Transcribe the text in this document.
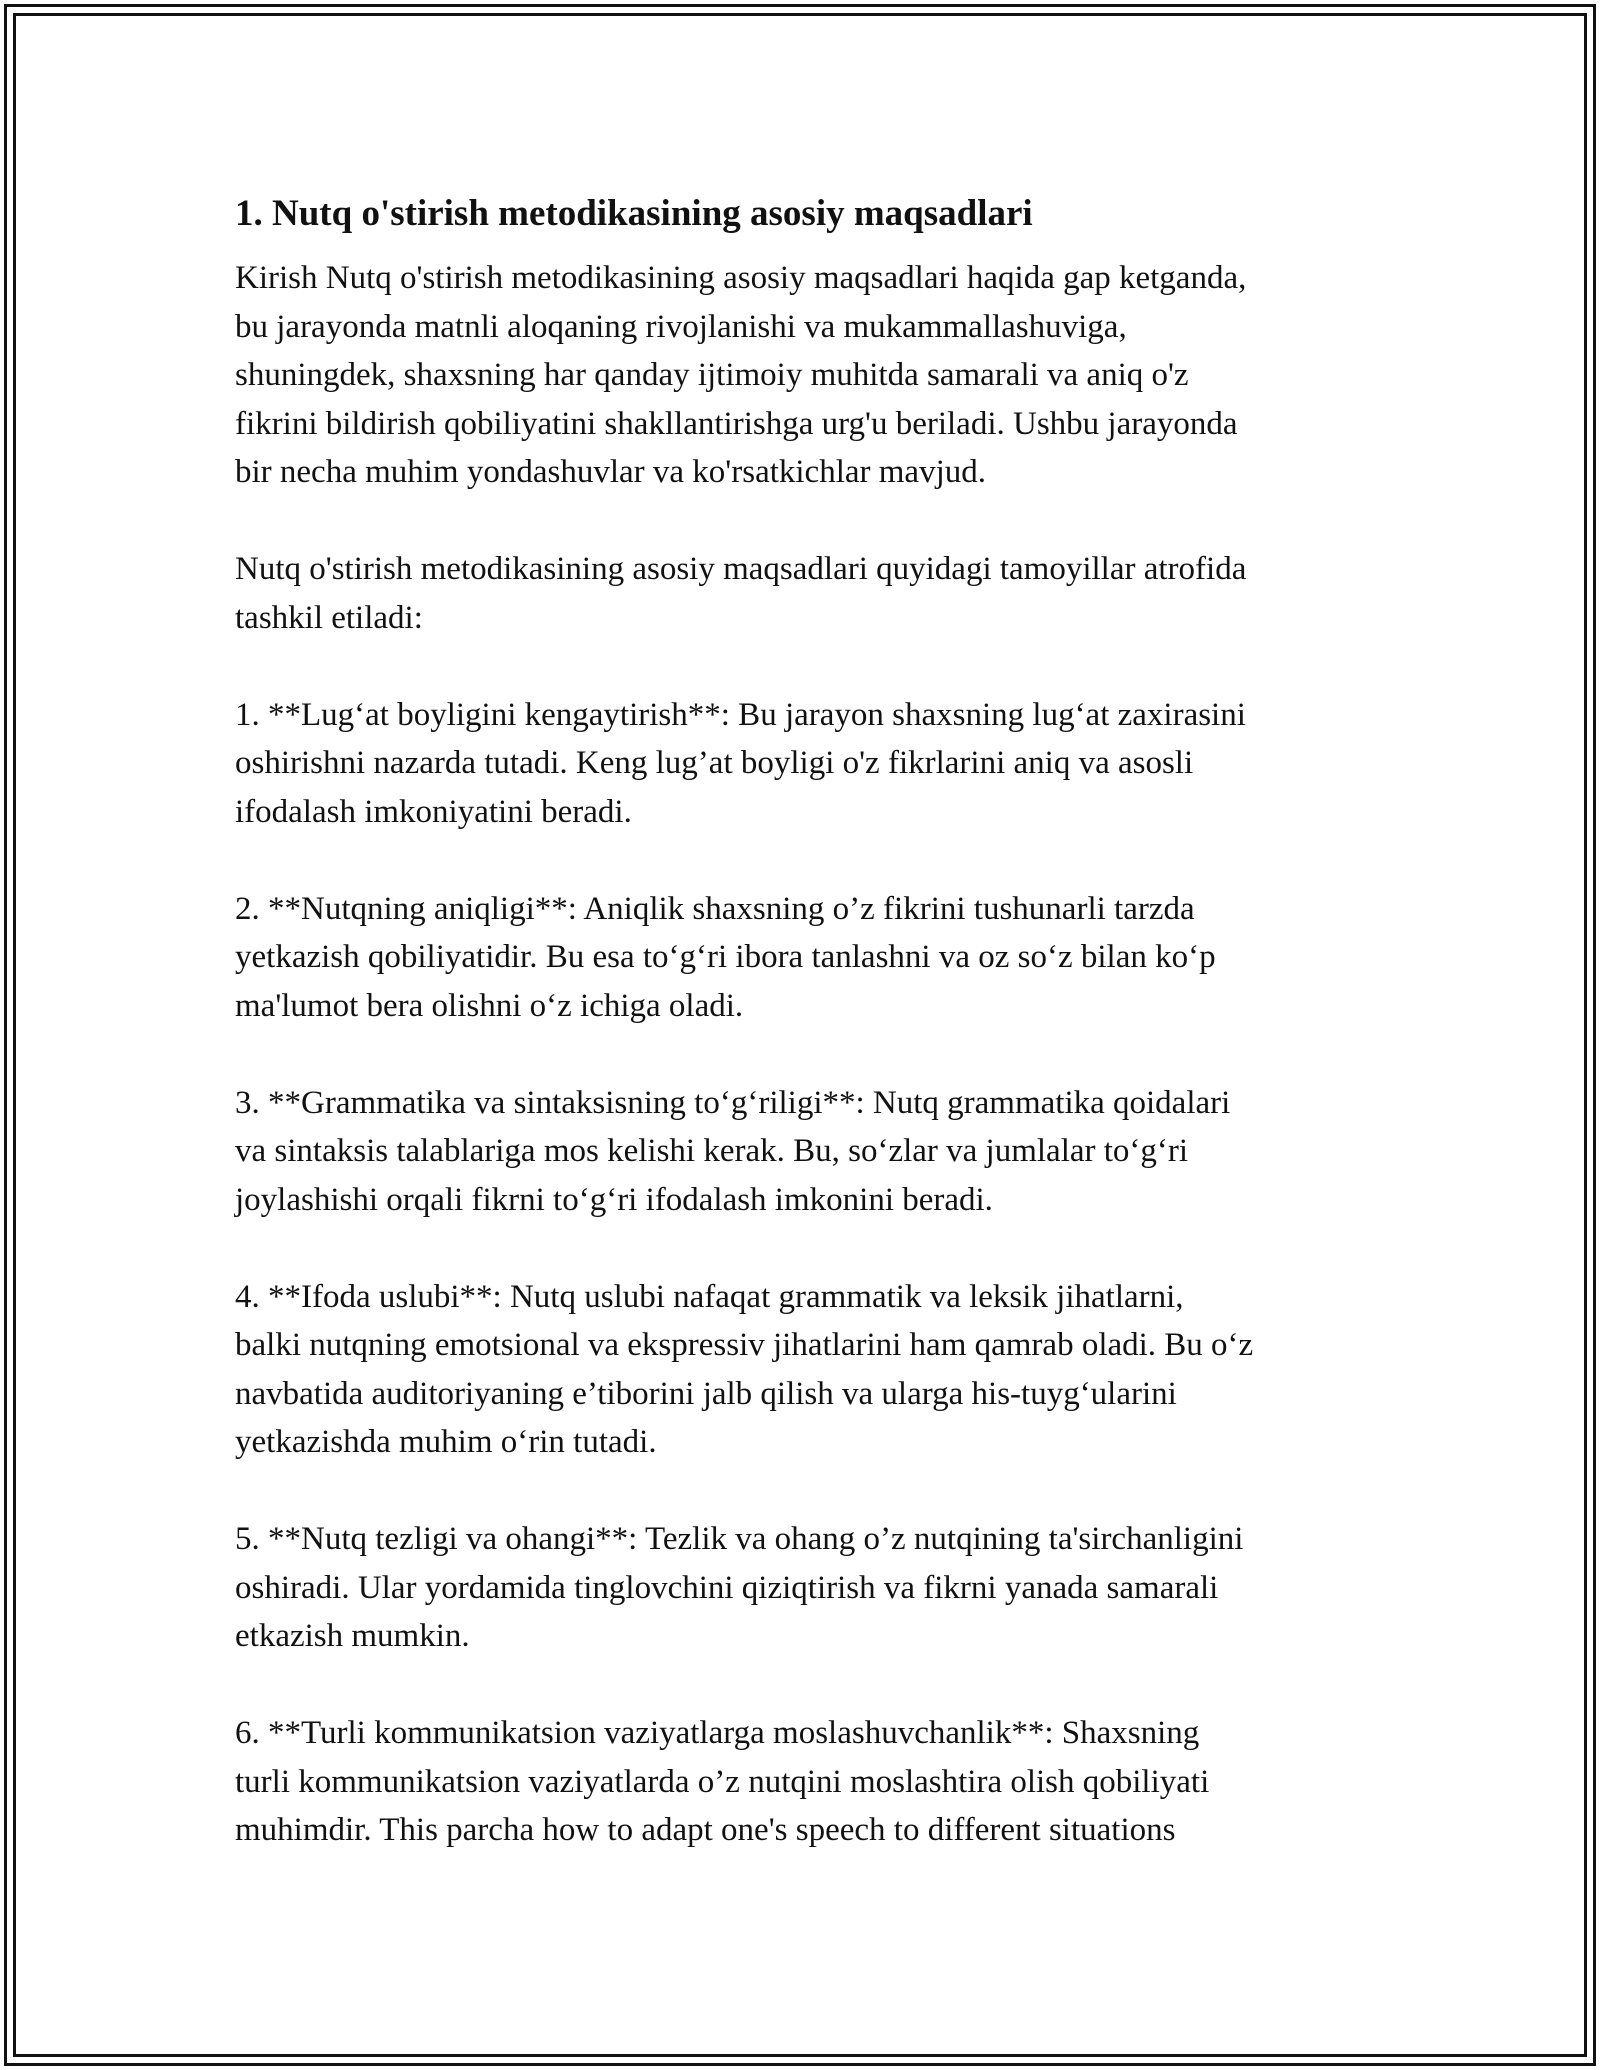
1. Nutq o'stirish metodikasining asosiy maqsadlari

Kirish Nutq o'stirish metodikasining asosiy maqsadlari haqida gap ketganda,
bu jarayonda matnli aloqaning rivojlanishi va mukammallashuviga,
shuningdek, shaxsning har qanday ijtimoiy muhitda samarali va aniq o'z
fikrini bildirish qobiliyatini shakllantirishga urg'u beriladi. Ushbu jarayonda
bir necha muhim yondashuvlar va ko'rsatkichlar mavjud.

Nutq o'stirish metodikasining asosiy maqsadlari quyidagi tamoyillar atrofida
tashkil etiladi:

1. **Lug‘at boyligini kengaytirish**: Bu jarayon shaxsning lug‘at zaxirasini
oshirishni nazarda tutadi. Keng lug’at boyligi o'z fikrlarini aniq va asosli
ifodalash imkoniyatini beradi.

2. **Nutqning aniqligi**: Aniqlik shaxsning o’z fikrini tushunarli tarzda
yetkazish qobiliyatidir. Bu esa to‘g‘ri ibora tanlashni va oz so‘z bilan ko‘p
ma'lumot bera olishni o‘z ichiga oladi.

3. **Grammatika va sintaksisning to‘g‘riligi**: Nutq grammatika qoidalari
va sintaksis talablariga mos kelishi kerak. Bu, so‘zlar va jumlalar to‘g‘ri
joylashishi orqali fikrni to‘g‘ri ifodalash imkonini beradi.

4. **Ifoda uslubi**: Nutq uslubi nafaqat grammatik va leksik jihatlarni,
balki nutqning emotsional va ekspressiv jihatlarini ham qamrab oladi. Bu o‘z
navbatida auditoriyaning e’tiborini jalb qilish va ularga his-tuyg‘ularini
yetkazishda muhim o‘rin tutadi.

5. **Nutq tezligi va ohangi**: Tezlik va ohang o’z nutqining ta'sirchanligini
oshiradi. Ular yordamida tinglovchini qiziqtirish va fikrni yanada samarali
etkazish mumkin.

6. **Turli kommunikatsion vaziyatlarga moslashuvchanlik**: Shaxsning
turli kommunikatsion vaziyatlarda o’z nutqini moslashtira olish qobiliyati
muhimdir. This parcha how to adapt one's speech to different situations
